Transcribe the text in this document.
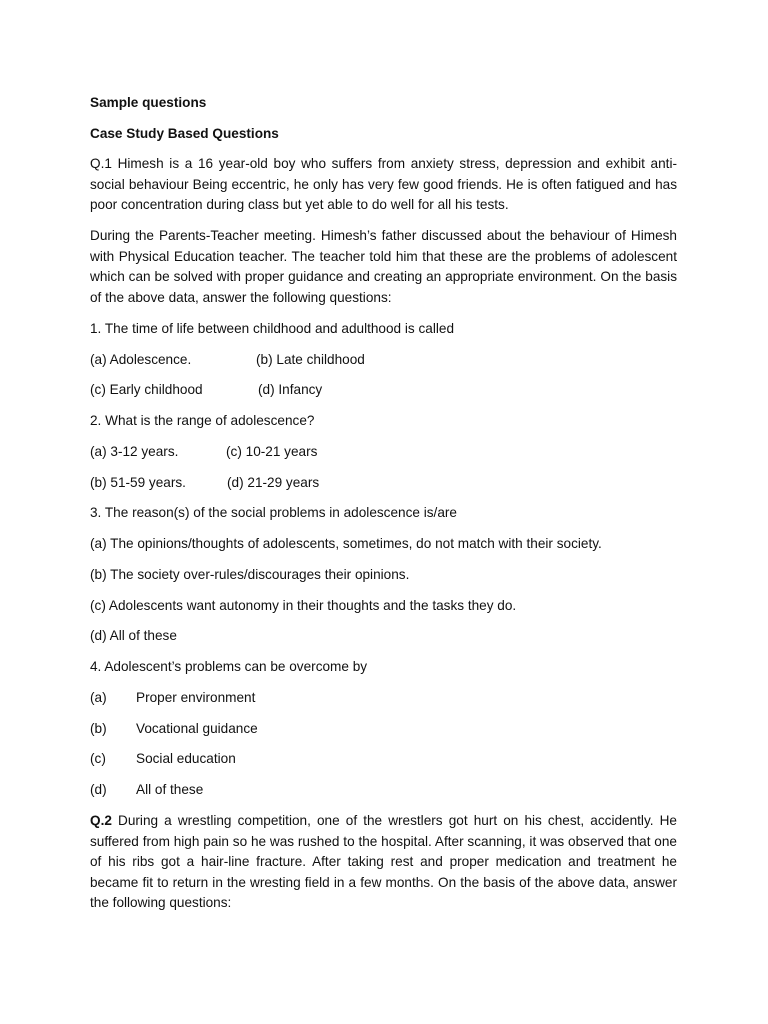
Sample questions
Case Study Based Questions
Q.1 Himesh is a 16 year-old boy who suffers from anxiety stress, depression and exhibit anti-social behaviour Being eccentric, he only has very few good friends. He is often fatigued and has poor concentration during class but yet able to do well for all his tests.
During the Parents-Teacher meeting. Himesh’s father discussed about the behaviour of Himesh with Physical Education teacher. The teacher told him that these are the problems of adolescent which can be solved with proper guidance and creating an appropriate environment. On the basis of the above data, answer the following questions:
1. The time of life between childhood and adulthood is called
(a) Adolescence.	(b) Late childhood
(c) Early childhood	(d) Infancy
2. What is the range of adolescence?
(a) 3-12 years.	(c) 10-21 years
(b) 51-59 years.	(d) 21-29 years
3. The reason(s) of the social problems in adolescence is/are
(a) The opinions/thoughts of adolescents, sometimes, do not match with their society.
(b) The society over-rules/discourages their opinions.
(c) Adolescents want autonomy in their thoughts and the tasks they do.
(d) All of these
4. Adolescent’s problems can be overcome by
(a) Proper environment
(b) Vocational guidance
(c) Social education
(d) All of these
Q.2 During a wrestling competition, one of the wrestlers got hurt on his chest, accidently. He suffered from high pain so he was rushed to the hospital. After scanning, it was observed that one of his ribs got a hair-line fracture. After taking rest and proper medication and treatment he became fit to return in the wresting field in a few months. On the basis of the above data, answer the following questions:
